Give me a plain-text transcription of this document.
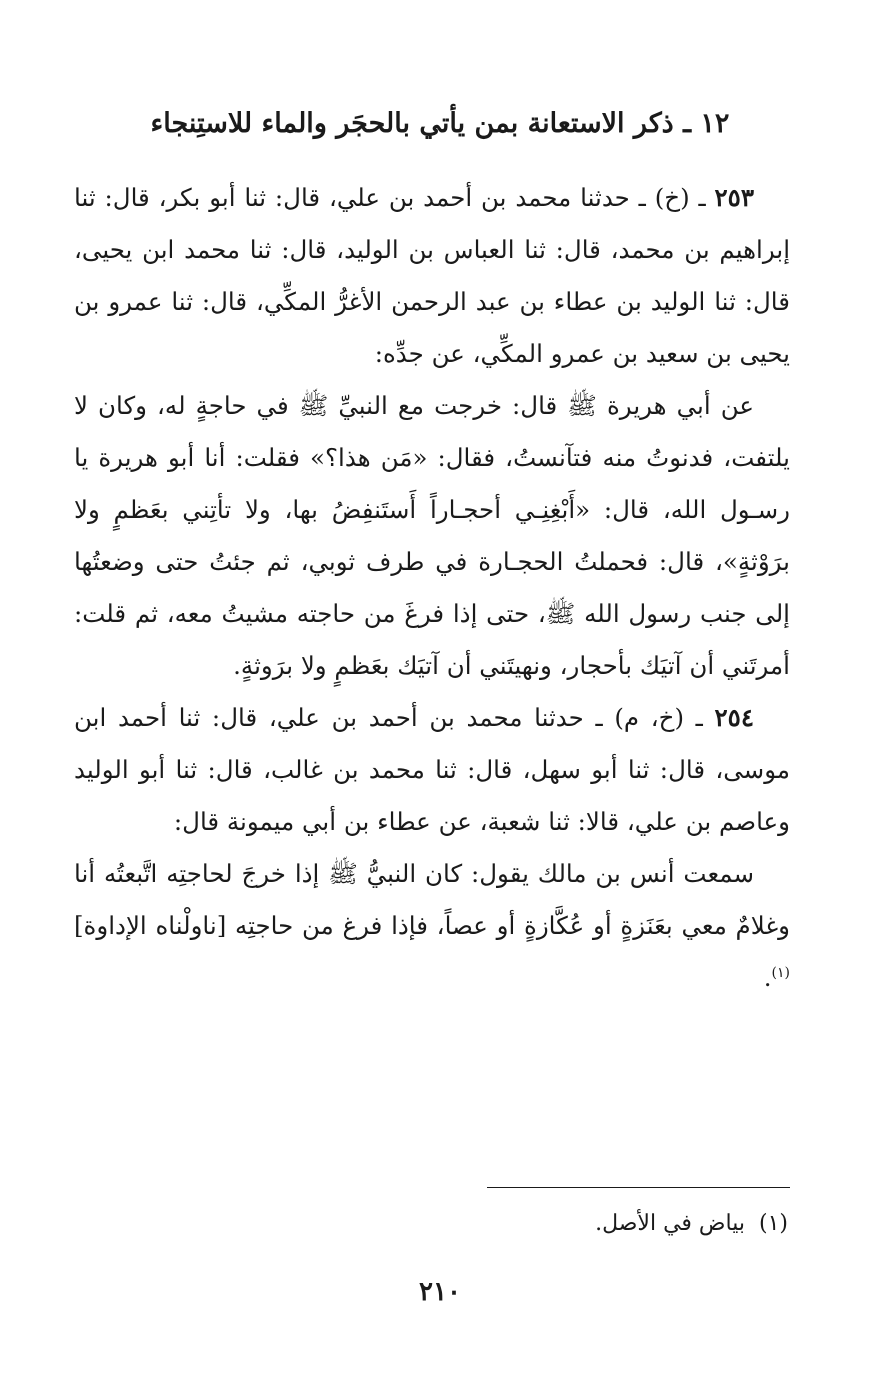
١٢ ـ ذكر الاستعانة بمن يأتي بالحجَر والماء للاستِنجاء

٢٥٣ ـ (خ) ـ حدثنا محمد بن أحمد بن علي، قال: ثنا أبو بكر، قال: ثنا إبراهيم بن محمد، قال: ثنا العباس بن الوليد، قال: ثنا محمد ابن يحيى، قال: ثنا الوليد بن عطاء بن عبد الرحمن الأغرُّ المكِّي، قال: ثنا عمرو بن يحيى بن سعيد بن عمرو المكِّي، عن جدِّه:

عن أبي هريرة ﷺ قال: خرجت مع النبيِّ ﷺ في حاجةٍ له، وكان لا يلتفت، فدنوتُ منه فتآنستُ، فقال: «مَن هذا؟» فقلت: أنا أبو هريرة يا رسـول الله، قال: «أَبْغِنِـي أحجـاراً أَستَنفِضُ بها، ولا تأتِني بعَظمٍ ولا برَوْثةٍ»، قال: فحملتُ الحجـارة في طرف ثوبي، ثم جئتُ حتى وضعتُها إلى جنب رسول الله ﷺ، حتى إذا فرغَ من حاجته مشيتُ معه، ثم قلت: أمرتَني أن آتيَك بأحجار، ونهيتَني أن آتيَك بعَظمٍ ولا برَوثةٍ.

٢٥٤ ـ (خ، م) ـ حدثنا محمد بن أحمد بن علي، قال: ثنا أحمد ابن موسى، قال: ثنا أبو سهل، قال: ثنا محمد بن غالب، قال: ثنا أبو الوليد وعاصم بن علي، قالا: ثنا شعبة، عن عطاء بن أبي ميمونة قال:

سمعت أنس بن مالك يقول: كان النبيُّ ﷺ إذا خرجَ لحاجتِه اتَّبعتُه أنا وغلامٌ معي بعَنَزةٍ أو عُكَّازةٍ أو عصاً، فإذا فرغ من حاجتِه [ناولْناه الإداوة]$^{(١)}$.

(١)بياض في الأصل.
٢١٠
